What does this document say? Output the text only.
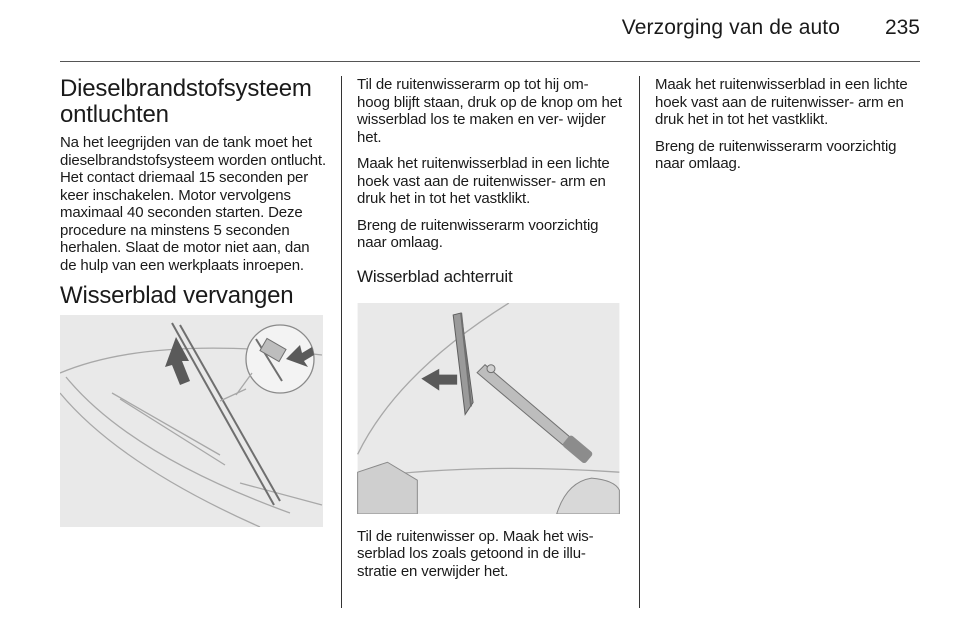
Verzorging van de auto 235
Dieselbrandstofsysteem ontluchten

Na het leegrijden van de tank moet het dieselbrandstofsysteem worden ontlucht. Het contact driemaal 15 seconden per keer inschakelen. Motor vervolgens maximaal 40 seconden starten. Deze procedure na minstens 5 seconden herhalen. Slaat de motor niet aan, dan de hulp van een werkplaats inroepen.

Wisserblad vervangen

Til de ruitenwisserarm op tot hij om- hoog blijft staan, druk op de knop om het wisserblad los te maken en ver- wijder het.

Maak het ruitenwisserblad in een lichte hoek vast aan de ruitenwisser- arm en druk het in tot het vastklikt.

Breng de ruitenwisserarm voorzichtig naar omlaag.

Wisserblad achterruit

Til de ruitenwisser op. Maak het wis- serblad los zoals getoond in de illu- stratie en verwijder het.

Maak het ruitenwisserblad in een lichte hoek vast aan de ruitenwisser- arm en druk het in tot het vastklikt.

Breng de ruitenwisserarm voorzichtig naar omlaag.
